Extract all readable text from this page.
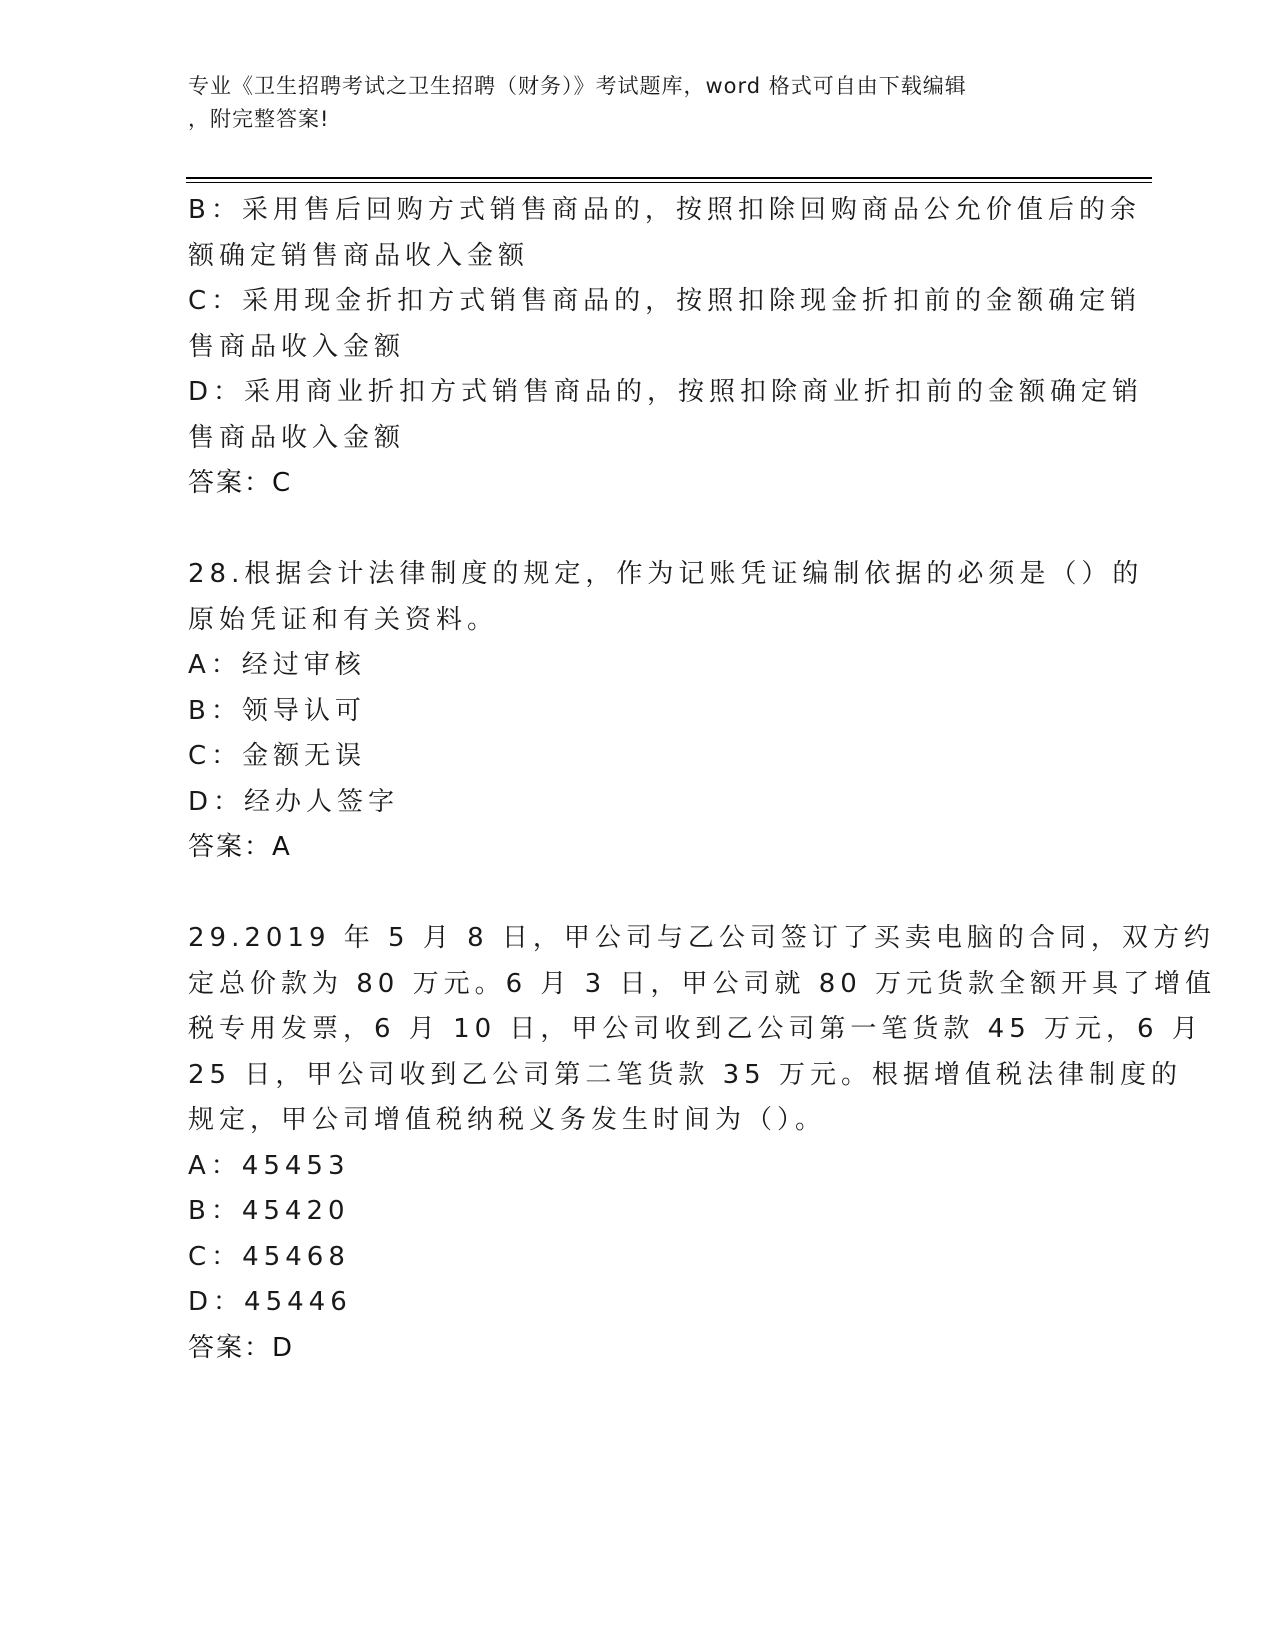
专业《卫生招聘考试之卫生招聘（财务）》考试题库，word 格式可自由下载编辑
，附完整答案!
B：采用售后回购方式销售商品的，按照扣除回购商品公允价值后的余
额确定销售商品收入金额
C：采用现金折扣方式销售商品的，按照扣除现金折扣前的金额确定销
售商品收入金额
D：采用商业折扣方式销售商品的，按照扣除商业折扣前的金额确定销
售商品收入金额
答案：C
28.根据会计法律制度的规定，作为记账凭证编制依据的必须是（）的
原始凭证和有关资料。
A：经过审核
B：领导认可
C：金额无误
D：经办人签字
答案：A
29.2019 年 5 月 8 日，甲公司与乙公司签订了买卖电脑的合同，双方约
定总价款为 80 万元。6 月 3 日，甲公司就 80 万元货款全额开具了增值
税专用发票，6 月 10 日，甲公司收到乙公司第一笔货款 45 万元，6 月
25 日，甲公司收到乙公司第二笔货款 35 万元。根据增值税法律制度的
规定，甲公司增值税纳税义务发生时间为（）。
A：45453
B：45420
C：45468
D：45446
答案：D
